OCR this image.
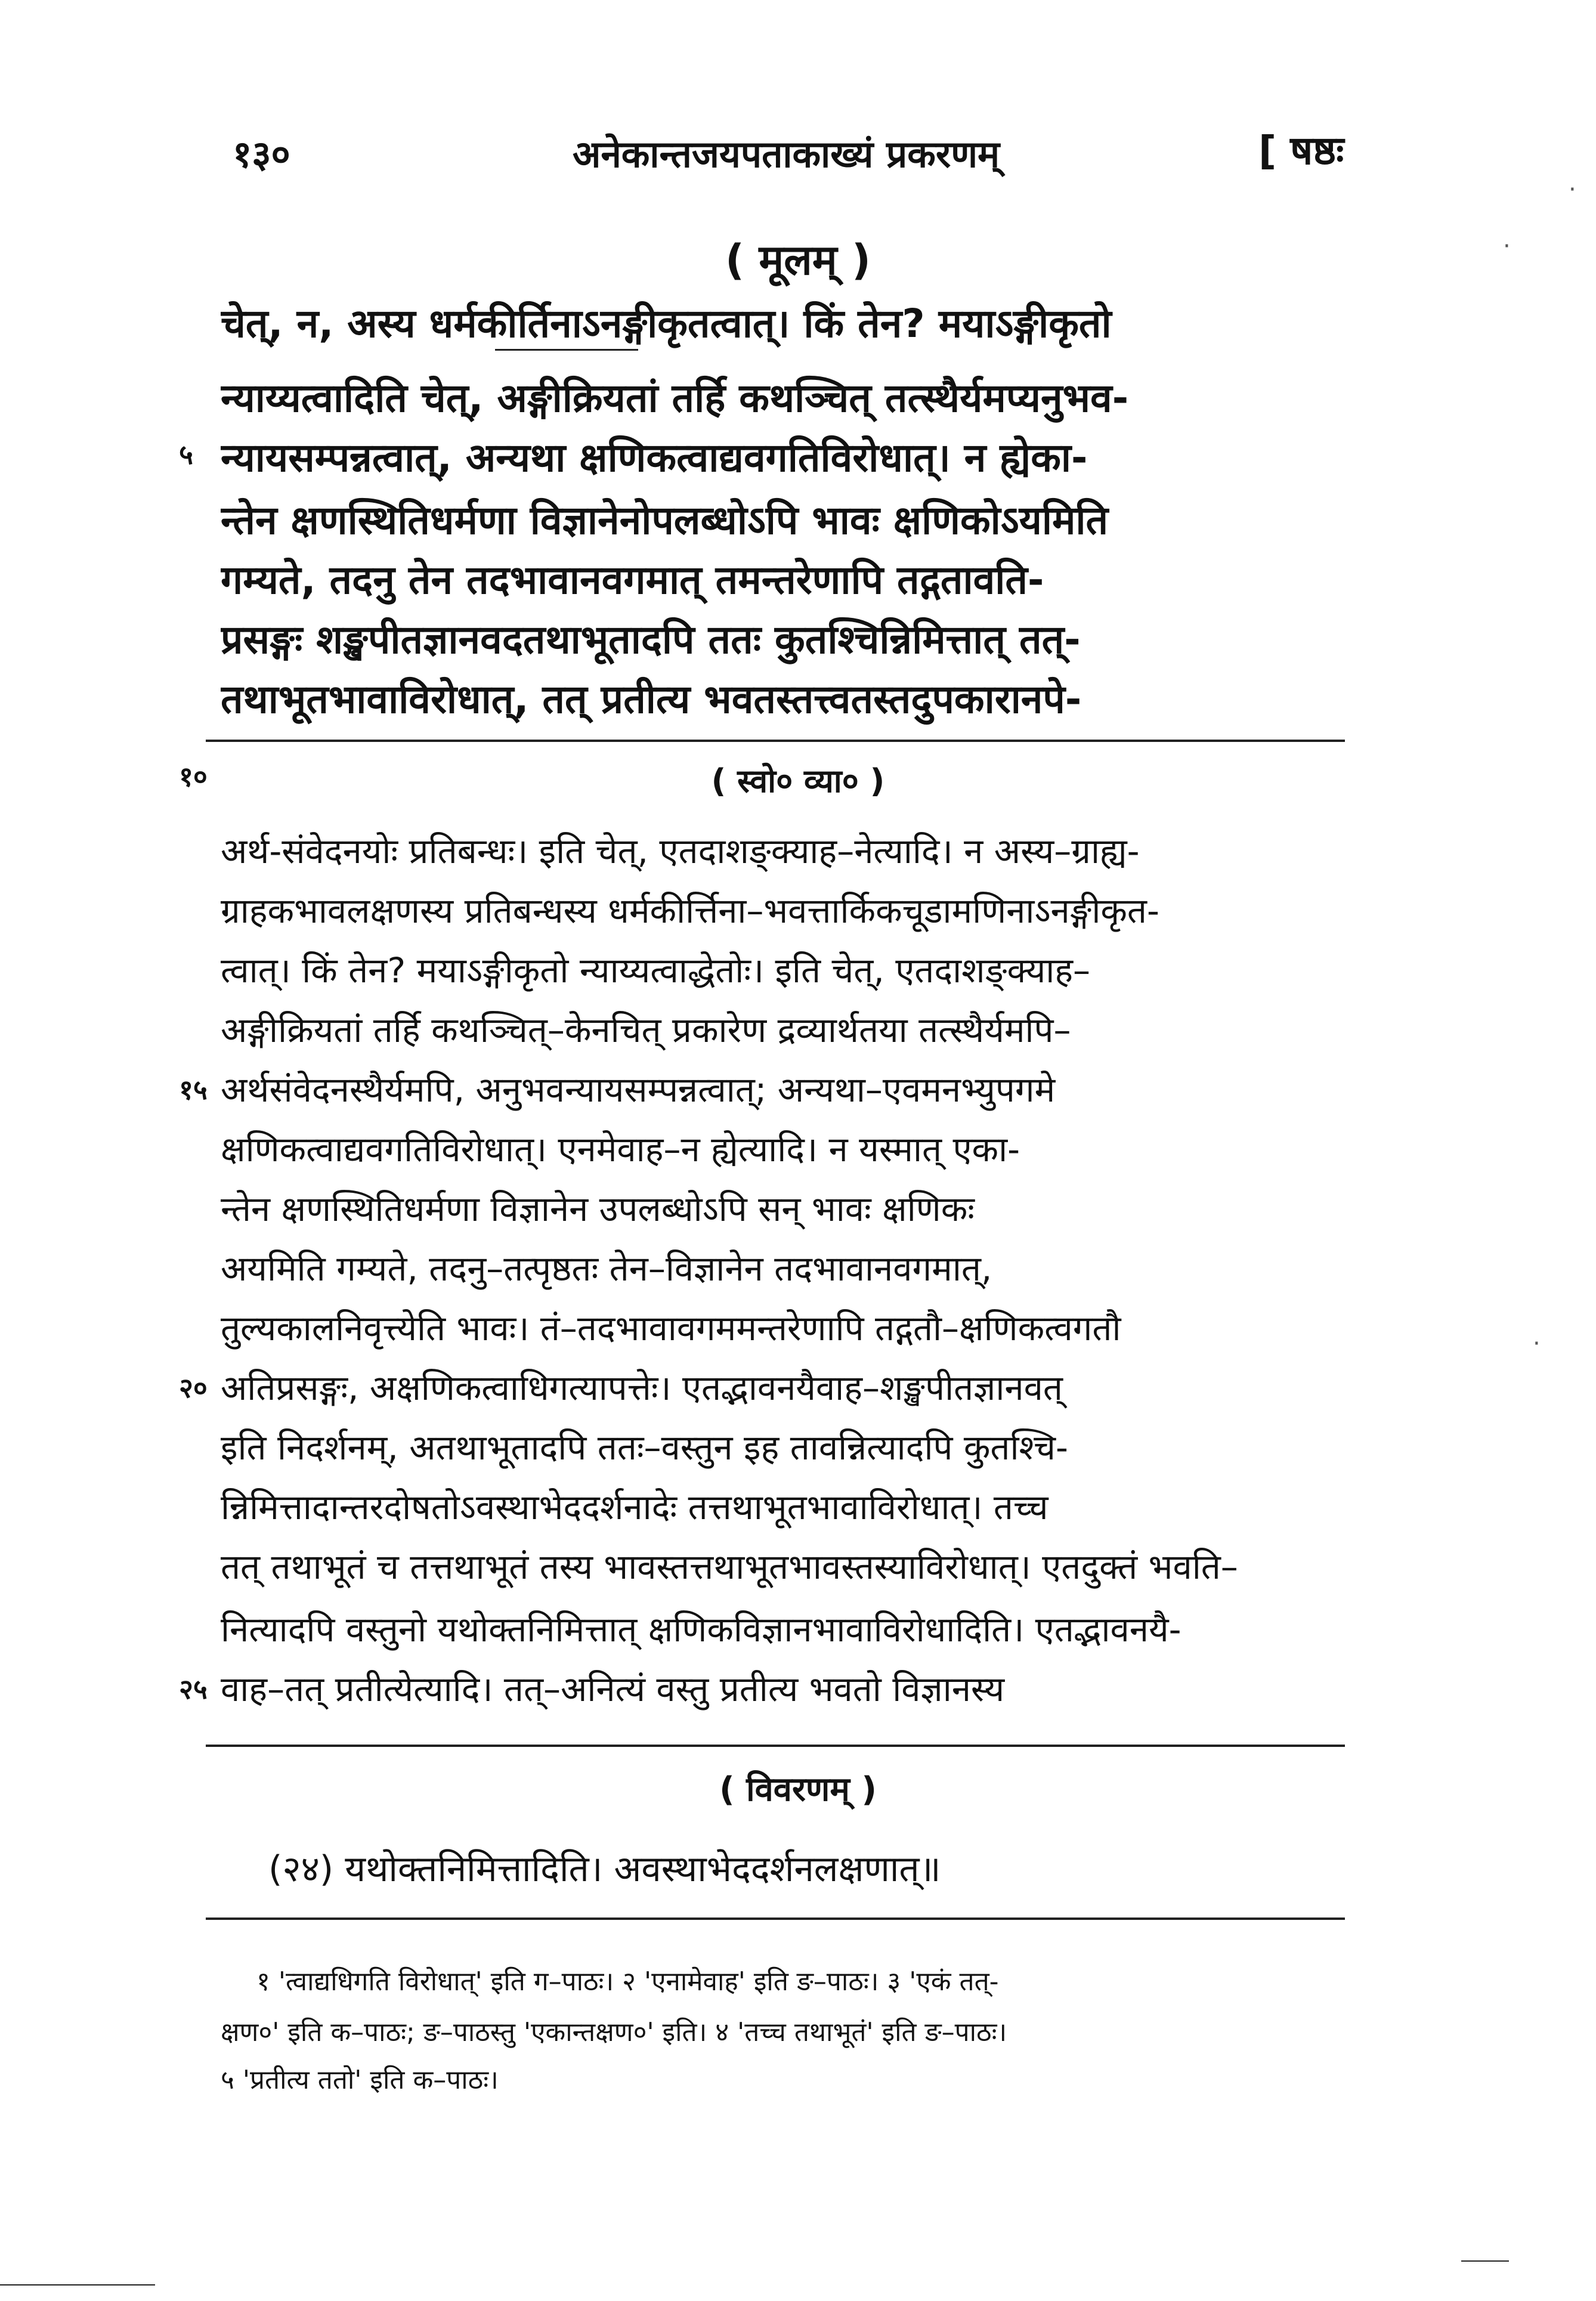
१३०	अनेकान्तजयपताकाख्यं प्रकरणम्	[ षष्ठः
( मूलम् )
चेत्, न, अस्य धर्मकीर्तिनाऽनङ्गीकृतत्वात्। किं तेन? मयाऽङ्गीकृतो
न्याय्यत्वादिति चेत्, अङ्गीक्रियतां तर्हि कथञ्चित् तत्स्थैर्यमप्यनुभव-
५ न्यायसम्पन्नत्वात्, अन्यथा क्षणिकत्वाद्यवगतिविरोधात्। न ह्येका-
न्तेन क्षणस्थितिधर्मणा विज्ञानेनोपलब्धोऽपि भावः क्षणिकोऽयमिति
गम्यते, तदनु तेन तदभावानवगमात् तमन्तरेणापि तद्गतावति-
प्रसङ्गः शङ्खपीतज्ञानवदतथाभूतादपि ततः कुतश्चिन्निमित्तात् तत्-
तथाभूतभावाविरोधात्, तत् प्रतीत्य भवतस्तत्त्वतस्तदुपकारानपे-
१०	( स्वो० व्या० )
अर्थ-संवेदनयोः प्रतिबन्धः। इति चेत्, एतदाशङ्क्याह–नेत्यादि। न अस्य–ग्राह्य-
ग्राहकभावलक्षणस्य प्रतिबन्धस्य धर्मकीर्त्तिना–भवत्तार्किकचूडामणिनाऽनङ्गीकृत-
त्वात्। किं तेन? मयाऽङ्गीकृतो न्याय्यत्वाद्धेतोः। इति चेत्, एतदाशङ्क्याह–
अङ्गीक्रियतां तर्हि कथञ्चित्–केनचित् प्रकारेण द्रव्यार्थतया तत्स्थैर्यमपि–
१५ अर्थसंवेदनस्थैर्यमपि, अनुभवन्यायसम्पन्नत्वात्; अन्यथा–एवमनभ्युपगमे
क्षणिकत्वाद्यवगतिविरोधात्। एनमेवाह–न ह्येत्यादि। न यस्मात् एका-
न्तेन क्षणस्थितिधर्मणा विज्ञानेन उपलब्धोऽपि सन् भावः क्षणिकः
अयमिति गम्यते, तदनु–तत्पृष्ठतः तेन–विज्ञानेन तदभावानवगमात्,
तुल्यकालनिवृत्त्येति भावः। तं–तदभावावगममन्तरेणापि तद्गतौ–क्षणिकत्वगतौ
२० अतिप्रसङ्गः, अक्षणिकत्वाधिगत्यापत्तेः। एतद्भावनयैवाह–शङ्खपीतज्ञानवत्
इति निदर्शनम्, अतथाभूतादपि ततः–वस्तुन इह तावन्नित्यादपि कुतश्चि-
न्निमित्तादान्तरदोषतोऽवस्थाभेददर्शनादेः तत्तथाभूतभावाविरोधात्। तच्च
तत् तथाभूतं च तत्तथाभूतं तस्य भावस्तत्तथाभूतभावस्तस्याविरोधात्। एतदुक्तं भवति–
नित्यादपि वस्तुनो यथोक्तनिमित्तात् क्षणिकविज्ञानभावाविरोधादिति। एतद्भावनयै-
२५ वाह–तत् प्रतीत्येत्यादि। तत्–अनित्यं वस्तु प्रतीत्य भवतो विज्ञानस्य
( विवरणम् )
(२४) यथोक्तनिमित्तादिति। अवस्थाभेददर्शनलक्षणात्॥
१ 'त्वाद्यधिगति विरोधात्' इति ग–पाठः। २ 'एनामेवाह' इति ङ–पाठः। ३ 'एकं तत्-
क्षण०' इति क–पाठः; ङ–पाठस्तु 'एकान्तक्षण०' इति। ४ 'तच्च तथाभूतं' इति ङ–पाठः।
५ 'प्रतीत्य ततो' इति क–पाठः।
·
·
·
